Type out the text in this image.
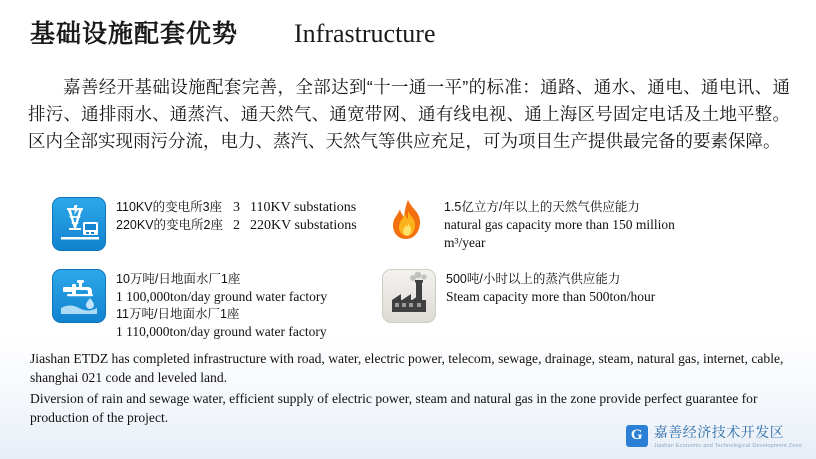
基础设施配套优势 Infrastructure
嘉善经开基础设施配套完善，全部达到“十一通一平”的标准：通路、通水、通电、通电讯、通排污、通排雨水、通蒸汽、通天然气、通宽带网、通有线电视、通上海区号固定电话及土地平整。区内全部实现雨污分流，电力、蒸汽、天然气等供应充足，可为项目生产提供最完备的要素保障。
110KV的变电所3座 3 110KV substations
220KV的变电所2座 2 220KV substations
1.5亿立方/年以上的天然气供应能力
natural gas capacity more than 150 million m³/year
10万吨/日地面水厂1座
1 100,000ton/day ground water factory
11万吨/日地面水厂1座
1 110,000ton/day ground water factory
500吨/小时以上的蒸汽供应能力
Steam capacity more than 500ton/hour

Jiashan ETDZ has completed infrastructure with road, water, electric power, telecom, sewage, drainage, steam, natural gas, internet, cable, shanghai 021 code and leveled land.

Diversion of rain and sewage water, efficient supply of electric power, steam and natural gas in the zone provide perfect guarantee for production of the project.

G 嘉善经济技术开发区
Jiashan Economic and Technological Development Zone
